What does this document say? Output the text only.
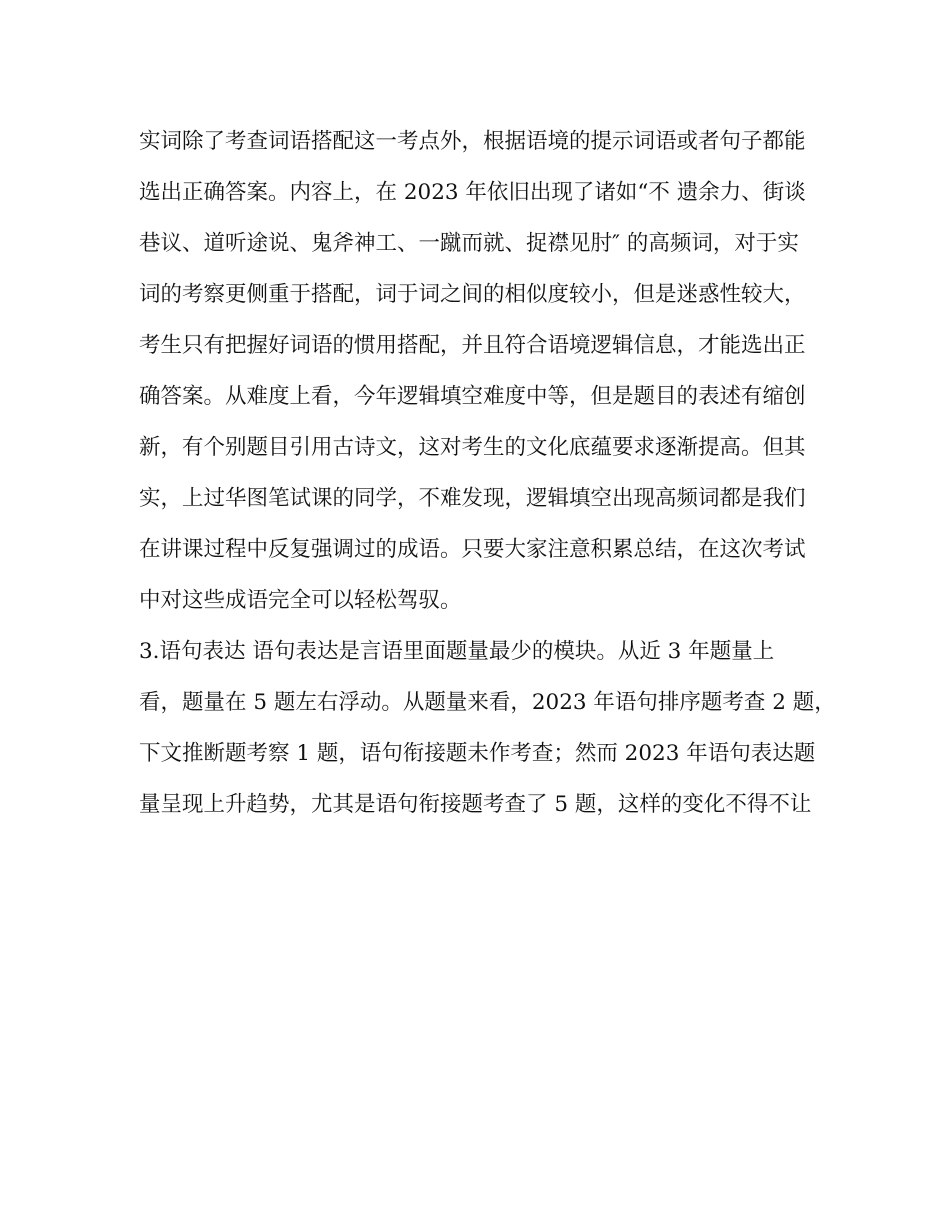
实词除了考查词语搭配这一考点外，根据语境的提示词语或者句子都能

选出正确答案。内容上，在 2023 年依旧出现了诸如“不 遗余力、街谈

巷议、道听途说、鬼斧神工、一蹴而就、捉襟见肘″ 的高频词，对于实

词的考察更侧重于搭配，词于词之间的相似度较小，但是迷惑性较大，

考生只有把握好词语的惯用搭配，并且符合语境逻辑信息，才能选出正

确答案。从难度上看，今年逻辑填空难度中等，但是题目的表述有缩创

新，有个别题目引用古诗文，这对考生的文化底蕴要求逐渐提高。但其

实，上过华图笔试课的同学，不难发现，逻辑填空出现高频词都是我们

在讲课过程中反复强调过的成语。只要大家注意积累总结，在这次考试

中对这些成语完全可以轻松驾驭。

3.语句表达 语句表达是言语里面题量最少的模块。从近 3 年题量上

看，题量在 5 题左右浮动。从题量来看，2023 年语句排序题考查 2 题，

下文推断题考察 1 题，语句衔接题未作考查；然而 2023 年语句表达题

量呈现上升趋势，尤其是语句衔接题考查了 5 题，这样的变化不得不让
